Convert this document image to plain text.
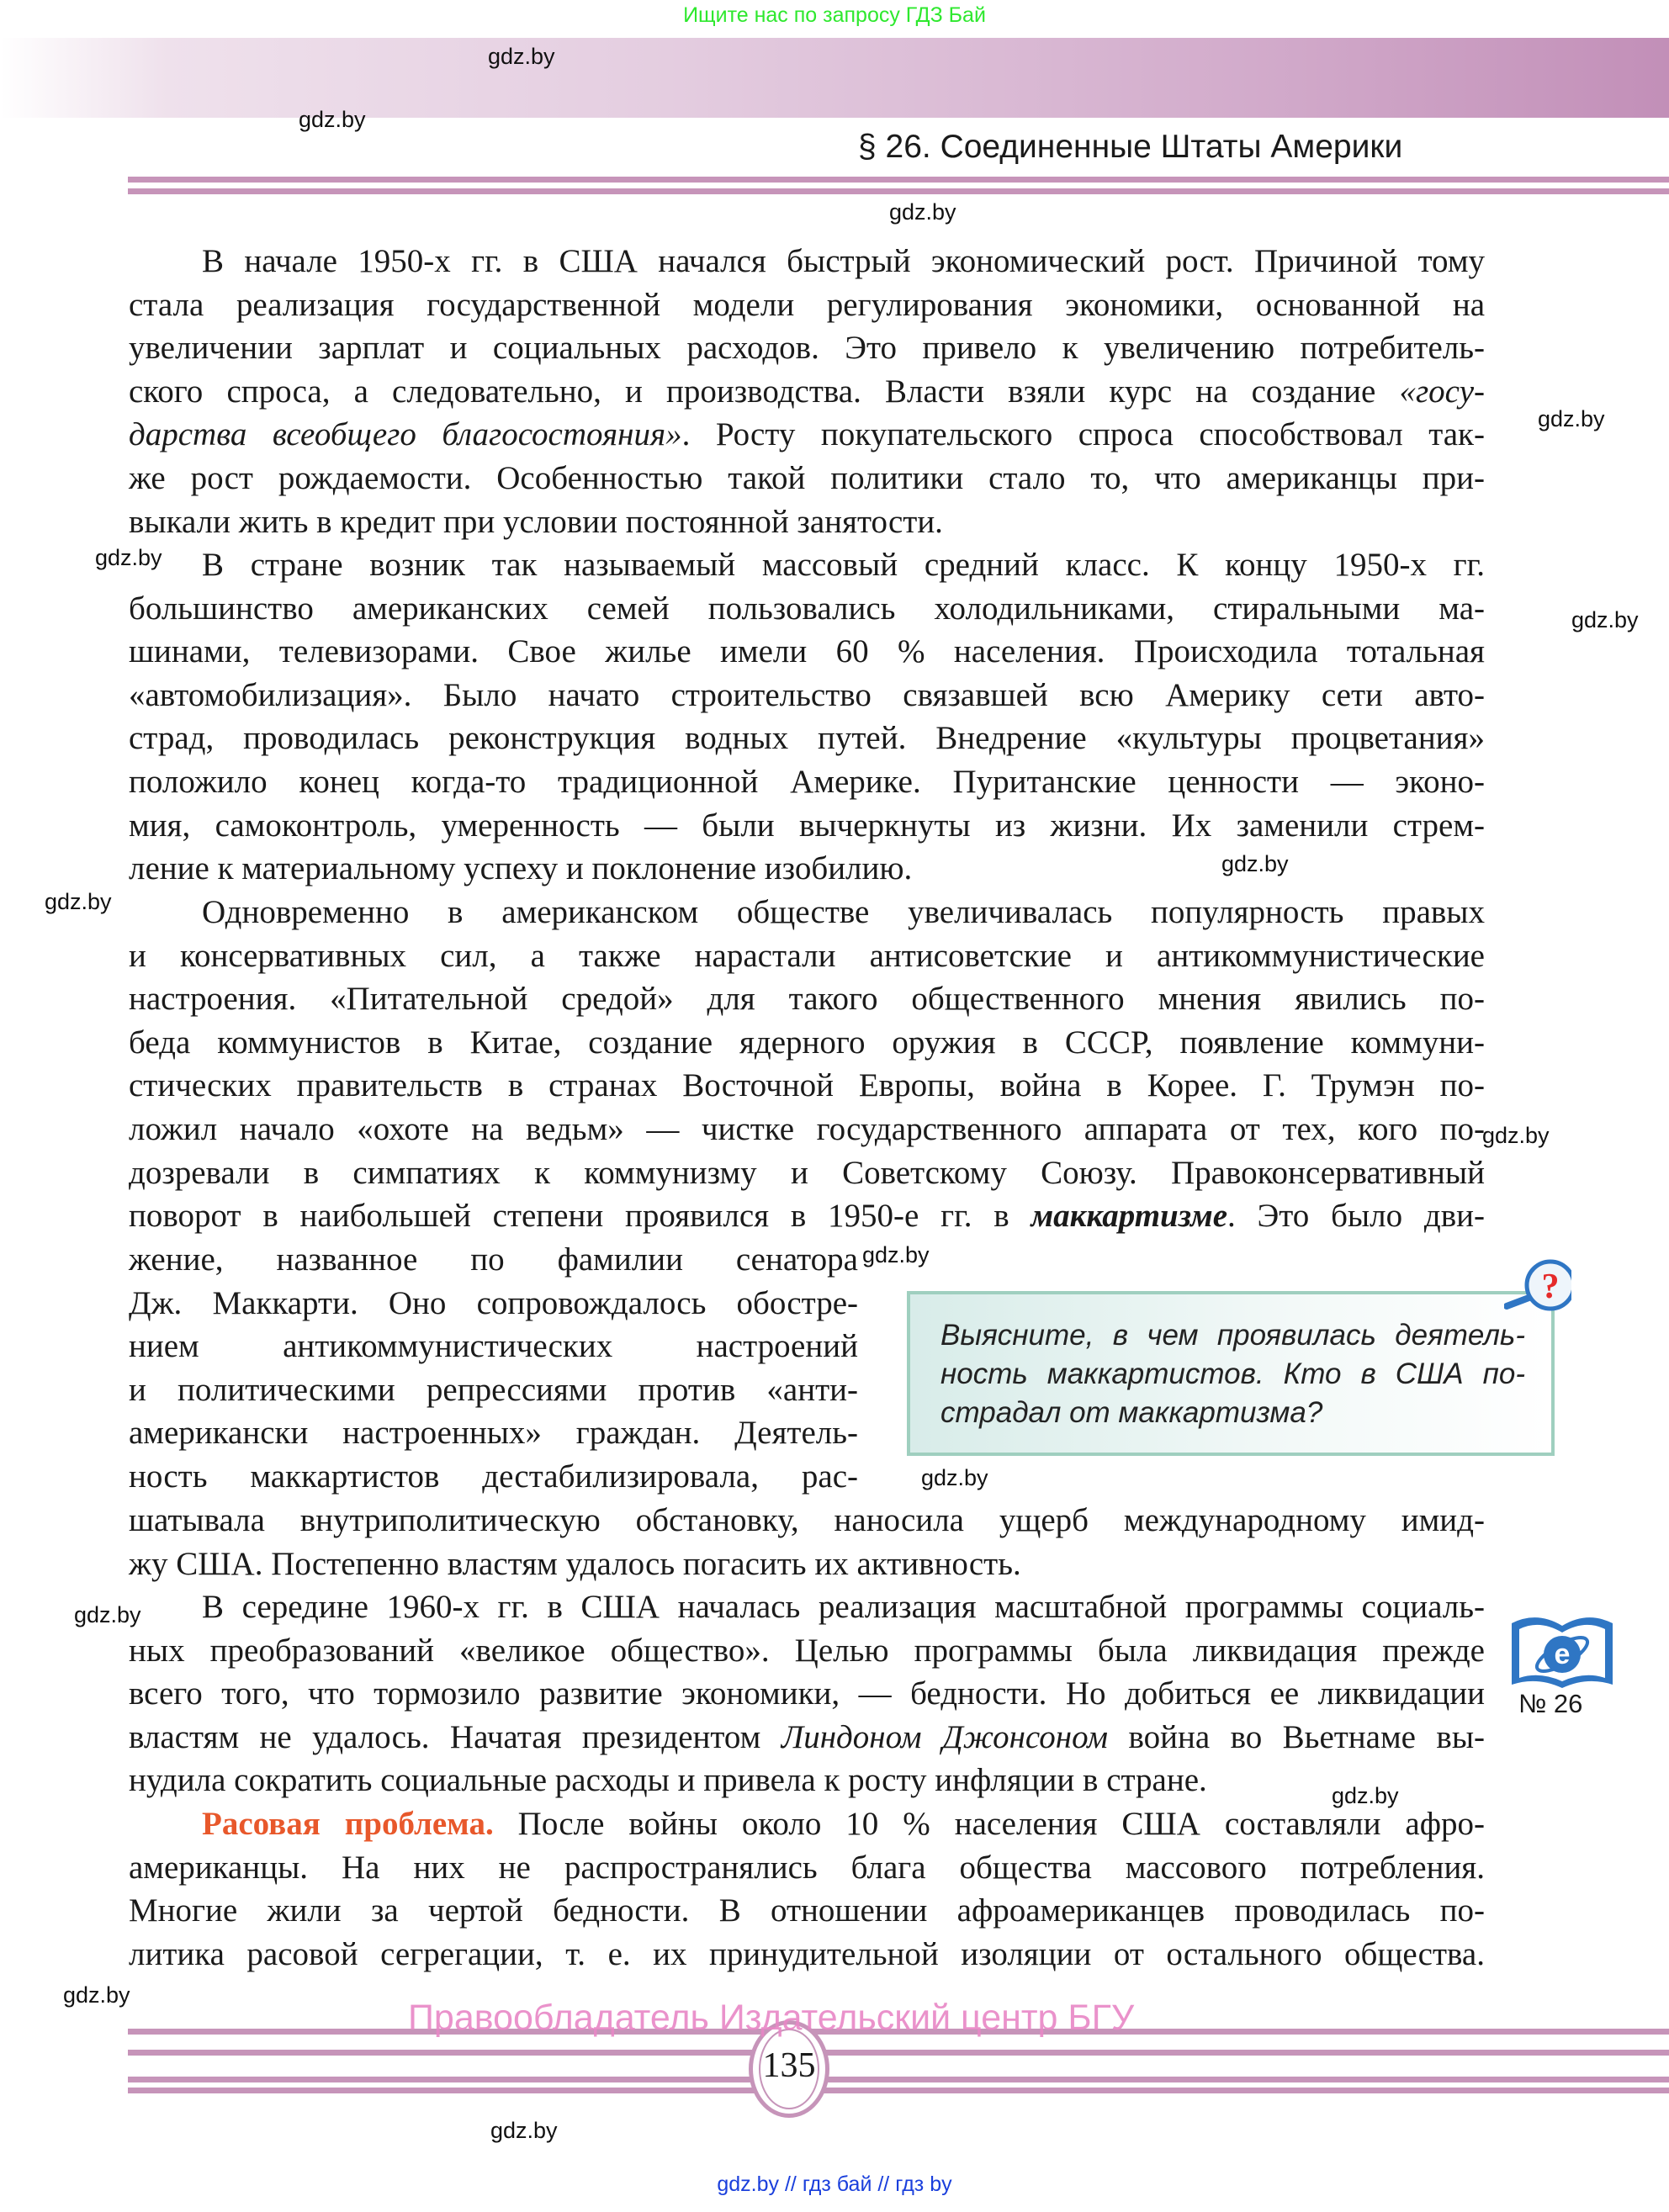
Ищите нас по запросу ГДЗ Бай
§ 26. Соединенные Штаты Америки
gdz.by
gdz.by
gdz.by
gdz.by
gdz.by
gdz.by
gdz.by
gdz.by
gdz.by
gdz.by
gdz.by
gdz.by
gdz.by
gdz.by
gdz.by
В начале 1950-х гг. в США начался быстрый экономический рост. Причиной тому
стала реализация государственной модели регулирования экономики, основанной на
увеличении зарплат и социальных расходов. Это привело к увеличению потребитель-
ского спроса, а следовательно, и производства. Власти взяли курс на создание «госу-
дарства всеобщего благосостояния». Росту покупательского спроса способствовал так-
же рост рождаемости. Особенностью такой политики стало то, что американцы при-
выкали жить в кредит при условии постоянной занятости.
В стране возник так называемый массовый средний класс. К концу 1950-х гг.
большинство американских семей пользовались холодильниками, стиральными ма-
шинами, телевизорами. Свое жилье имели 60 % населения. Происходила тотальная
«автомобилизация». Было начато строительство связавшей всю Америку сети авто-
страд, проводилась реконструкция водных путей. Внедрение «культуры процветания»
положило конец когда-то традиционной Америке. Пуританские ценности — эконо-
мия, самоконтроль, умеренность — были вычеркнуты из жизни. Их заменили стрем-
ление к материальному успеху и поклонение изобилию.
Одновременно в американском обществе увеличивалась популярность правых
и консервативных сил, а также нарастали антисоветские и антикоммунистические
настроения. «Питательной средой» для такого общественного мнения явились по-
беда коммунистов в Китае, создание ядерного оружия в СССР, появление коммуни-
стических правительств в странах Восточной Европы, война в Корее. Г. Трумэн по-
ложил начало «охоте на ведьм» — чистке государственного аппарата от тех, кого по-
дозревали в симпатиях к коммунизму и Советскому Союзу. Правоконсервативный
поворот в наибольшей степени проявился в 1950-е гг. в маккартизме. Это было дви-
жение, названное по фамилии сенатора
Дж. Маккарти. Оно сопровождалось обостре-
нием антикоммунистических настроений
и политическими репрессиями против «анти-
американски настроенных» граждан. Деятель-
ность маккартистов дестабилизировала, рас-
шатывала внутриполитическую обстановку, наносила ущерб международному имид-
жу США. Постепенно властям удалось погасить их активность.
Выясните, в чем проявилась деятель-
ность маккартистов. Кто в США по-
страдал от маккартизма?
?
В середине 1960-х гг. в США началась реализация масштабной программы социаль-
ных преобразований «великое общество». Целью программы была ликвидация прежде
всего того, что тормозило развитие экономики, — бедности. Но добиться ее ликвидации
властям не удалось. Начатая президентом Линдоном Джонсоном война во Вьетнаме вы-
нудила сократить социальные расходы и привела к росту инфляции в стране.
e
№ 26
Расовая проблема. После войны около 10 % населения США составляли афро-
американцы. На них не распространялись блага общества массового потребления.
Многие жили за чертой бедности. В отношении афроамериканцев проводилась по-
литика расовой сегрегации, т. е. их принудительной изоляции от остального общества.
135
Правообладатель Издательский центр БГУ
gdz.by // гдз бай // гдз by
